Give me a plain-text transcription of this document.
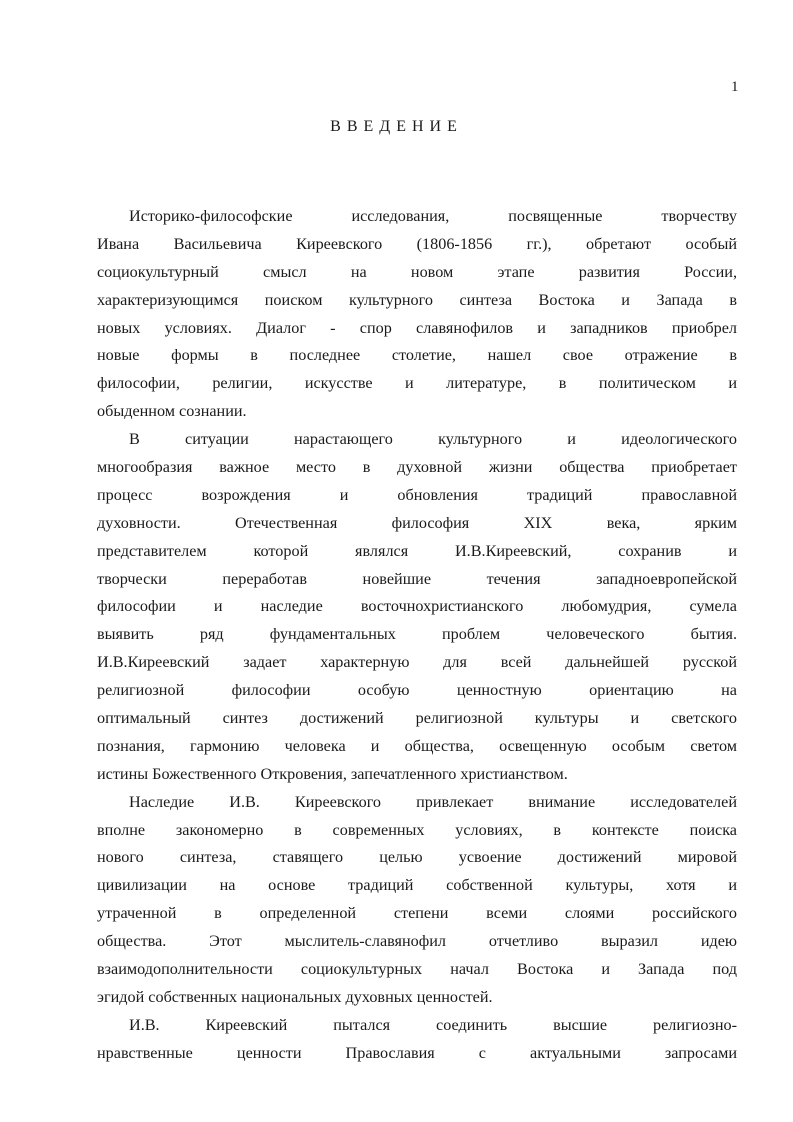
1
ВВЕДЕНИЕ
Историко-философские исследования, посвященные творчеству
Ивана Васильевича Киреевского (1806-1856 гг.), обретают особый
социокультурный смысл на новом этапе развития России,
характеризующимся поиском культурного синтеза Востока и Запада в
новых условиях. Диалог - спор славянофилов и западников приобрел
новые формы в последнее столетие, нашел свое отражение в
философии, религии, искусстве и литературе, в политическом и
обыденном сознании.
В ситуации нарастающего культурного и идеологического
многообразия важное место в духовной жизни общества приобретает
процесс возрождения и обновления традиций православной
духовности. Отечественная философия XIX века, ярким
представителем которой являлся И.В.Киреевский, сохранив и
творчески переработав новейшие течения западноевропейской
философии и наследие восточнохристианского любомудрия, сумела
выявить ряд фундаментальных проблем человеческого бытия.
И.В.Киреевский задает характерную для всей дальнейшей русской
религиозной философии особую ценностную ориентацию на
оптимальный синтез достижений религиозной культуры и светского
познания, гармонию человека и общества, освещенную особым светом
истины Божественного Откровения, запечатленного христианством.
Наследие И.В. Киреевского привлекает внимание исследователей
вполне закономерно в современных условиях, в контексте поиска
нового синтеза, ставящего целью усвоение достижений мировой
цивилизации на основе традиций собственной культуры, хотя и
утраченной в определенной степени всеми слоями российского
общества. Этот мыслитель-славянофил отчетливо выразил идею
взаимодополнительности социокультурных начал Востока и Запада под
эгидой собственных национальных духовных ценностей.
И.В. Киреевский пытался соединить высшие религиозно-
нравственные ценности Православия с актуальными запросами
